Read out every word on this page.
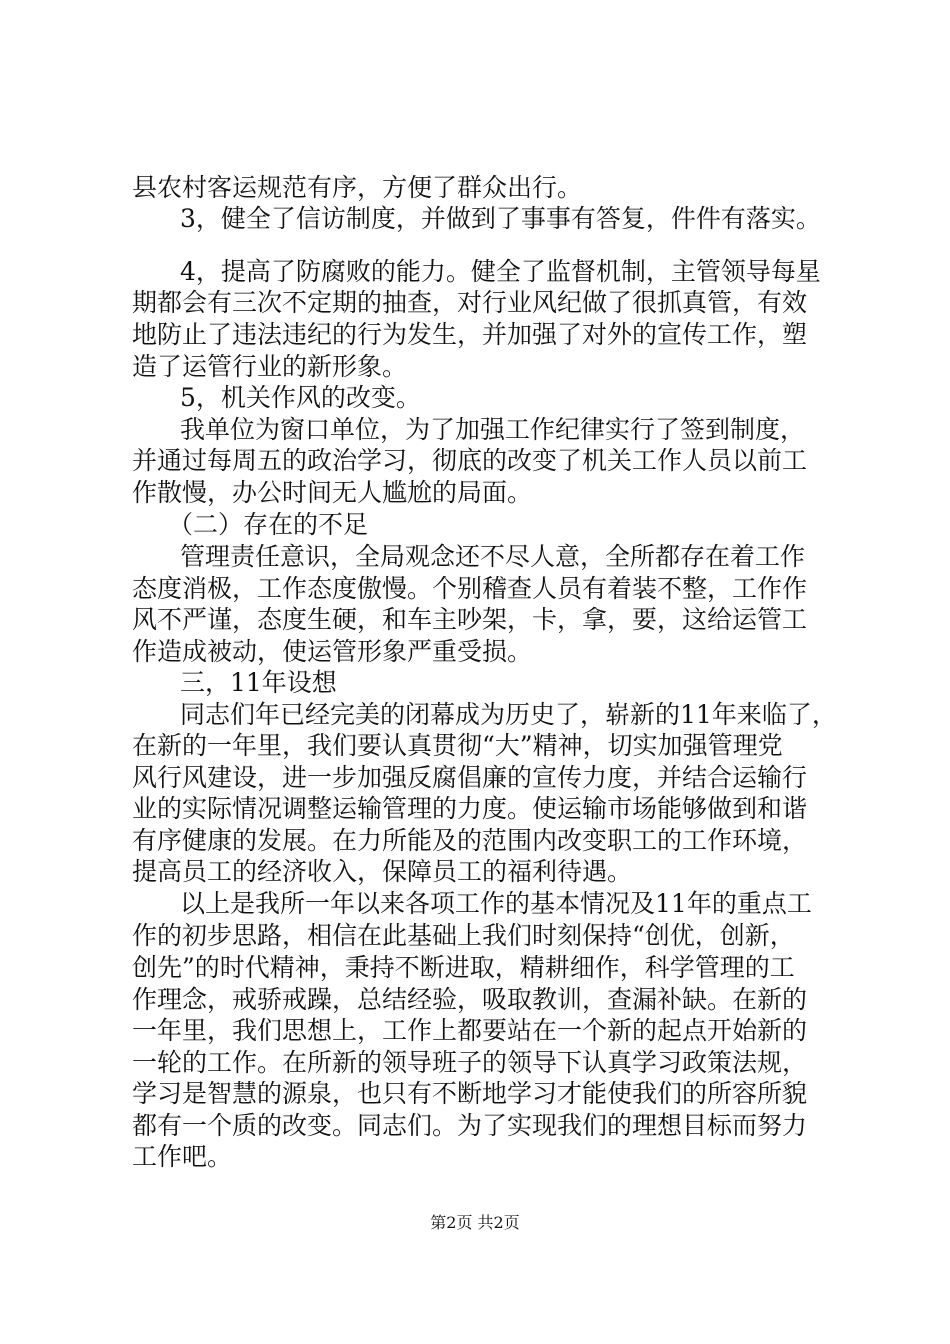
县农村客运规范有序，方便了群众出行。
3，健全了信访制度，并做到了事事有答复，件件有落实。
4，提高了防腐败的能力。健全了监督机制，主管领导每星
期都会有三次不定期的抽查，对行业风纪做了很抓真管，有效
地防止了违法违纪的行为发生，并加强了对外的宣传工作，塑
造了运管行业的新形象。
5，机关作风的改变。
我单位为窗口单位，为了加强工作纪律实行了签到制度，
并通过每周五的政治学习，彻底的改变了机关工作人员以前工
作散慢，办公时间无人尴尬的局面。
（二）存在的不足
管理责任意识，全局观念还不尽人意，全所都存在着工作
态度消极，工作态度傲慢。个别稽查人员有着装不整，工作作
风不严谨，态度生硬，和车主吵架，卡，拿，要，这给运管工
作造成被动，使运管形象严重受损。
三，11年设想
同志们年已经完美的闭幕成为历史了，崭新的11年来临了，
在新的一年里，我们要认真贯彻“大”精神，切实加强管理党
风行风建设，进一步加强反腐倡廉的宣传力度，并结合运输行
业的实际情况调整运输管理的力度。使运输市场能够做到和谐
有序健康的发展。在力所能及的范围内改变职工的工作环境，
提高员工的经济收入，保障员工的福利待遇。
以上是我所一年以来各项工作的基本情况及11年的重点工
作的初步思路，相信在此基础上我们时刻保持“创优，创新，
创先”的时代精神，秉持不断进取，精耕细作，科学管理的工
作理念，戒骄戒躁，总结经验，吸取教训，查漏补缺。在新的
一年里，我们思想上，工作上都要站在一个新的起点开始新的
一轮的工作。在所新的领导班子的领导下认真学习政策法规，
学习是智慧的源泉，也只有不断地学习才能使我们的所容所貌
都有一个质的改变。同志们。为了实现我们的理想目标而努力
工作吧。
第2页 共2页
